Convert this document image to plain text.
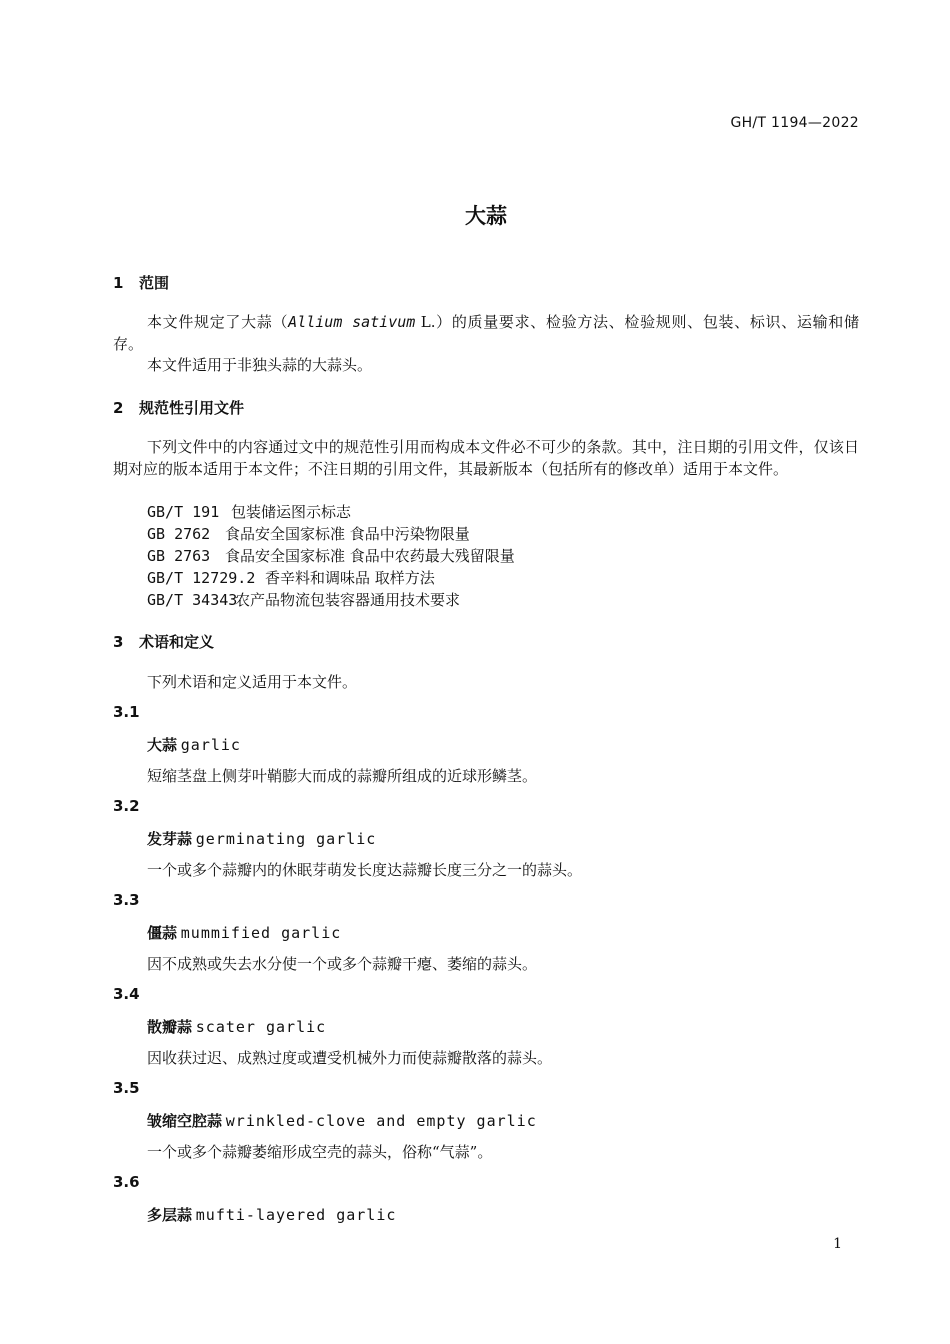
GH/T 1194—2022
大蒜
1 范围
本文件规定了大蒜（Allium sativum L.）的质量要求、检验方法、检验规则、包装、标识、运输和储存。
本文件适用于非独头蒜的大蒜头。
2 规范性引用文件
下列文件中的内容通过文中的规范性引用而构成本文件必不可少的条款。其中，注日期的引用文件，仅该日期对应的版本适用于本文件；不注日期的引用文件，其最新版本（包括所有的修改单）适用于本文件。
GB/T 191 包装储运图示标志
GB 2762 食品安全国家标准 食品中污染物限量
GB 2763 食品安全国家标准 食品中农药最大残留限量
GB/T 12729.2 香辛料和调味品 取样方法
GB/T 34343农产品物流包装容器通用技术要求
3 术语和定义
下列术语和定义适用于本文件。
3.1
大蒜 garlic
短缩茎盘上侧芽叶鞘膨大而成的蒜瓣所组成的近球形鳞茎。
3.2
发芽蒜 germinating garlic
一个或多个蒜瓣内的休眠芽萌发长度达蒜瓣长度三分之一的蒜头。
3.3
僵蒜 mummified garlic
因不成熟或失去水分使一个或多个蒜瓣干瘪、萎缩的蒜头。
3.4
散瓣蒜 scater garlic
因收获过迟、成熟过度或遭受机械外力而使蒜瓣散落的蒜头。
3.5
皱缩空腔蒜 wrinkled-clove and empty garlic
一个或多个蒜瓣萎缩形成空壳的蒜头，俗称“气蒜”。
3.6
多层蒜 mufti-layered garlic
1
